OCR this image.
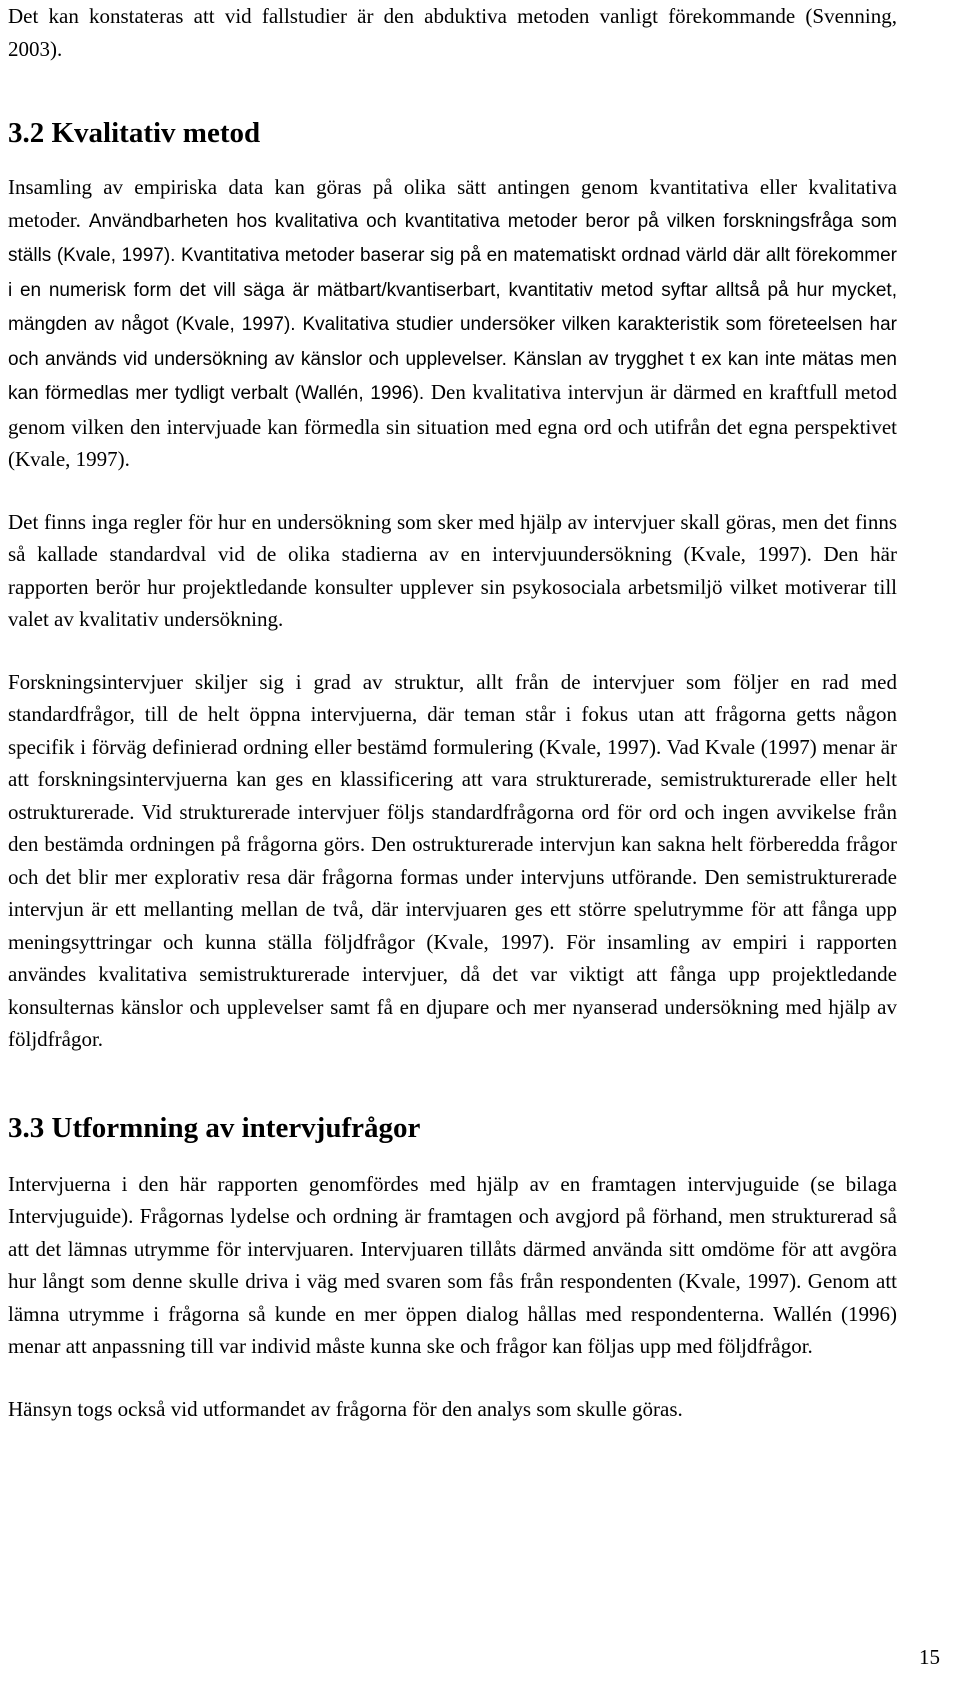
Det kan konstateras att vid fallstudier är den abduktiva metoden vanligt förekommande (Svenning, 2003).

3.2 Kvalitativ metod

Insamling av empiriska data kan göras på olika sätt antingen genom kvantitativa eller kvalitativa metoder. Användbarheten hos kvalitativa och kvantitativa metoder beror på vilken forskningsfråga som ställs (Kvale, 1997). Kvantitativa metoder baserar sig på en matematiskt ordnad värld där allt förekommer i en numerisk form det vill säga är mätbart/kvantiserbart, kvantitativ metod syftar alltså på hur mycket, mängden av något (Kvale, 1997). Kvalitativa studier undersöker vilken karakteristik som företeelsen har och används vid undersökning av känslor och upplevelser. Känslan av trygghet t ex kan inte mätas men kan förmedlas mer tydligt verbalt (Wallén, 1996). Den kvalitativa intervjun är därmed en kraftfull metod genom vilken den intervjuade kan förmedla sin situation med egna ord och utifrån det egna perspektivet (Kvale, 1997).

Det finns inga regler för hur en undersökning som sker med hjälp av intervjuer skall göras, men det finns så kallade standardval vid de olika stadierna av en intervjuundersökning (Kvale, 1997). Den här rapporten berör hur projektledande konsulter upplever sin psykosociala arbetsmiljö vilket motiverar till valet av kvalitativ undersökning.

Forskningsintervjuer skiljer sig i grad av struktur, allt från de intervjuer som följer en rad med standardfrågor, till de helt öppna intervjuerna, där teman står i fokus utan att frågorna getts någon specifik i förväg definierad ordning eller bestämd formulering (Kvale, 1997). Vad Kvale (1997) menar är att forskningsintervjuerna kan ges en klassificering att vara strukturerade, semistrukturerade eller helt ostrukturerade. Vid strukturerade intervjuer följs standardfrågorna ord för ord och ingen avvikelse från den bestämda ordningen på frågorna görs. Den ostrukturerade intervjun kan sakna helt förberedda frågor och det blir mer explorativ resa där frågorna formas under intervjuns utförande. Den semistrukturerade intervjun är ett mellanting mellan de två, där intervjuaren ges ett större spelutrymme för att fånga upp meningsyttringar och kunna ställa följdfrågor (Kvale, 1997). För insamling av empiri i rapporten användes kvalitativa semistrukturerade intervjuer, då det var viktigt att fånga upp projektledande konsulternas känslor och upplevelser samt få en djupare och mer nyanserad undersökning med hjälp av följdfrågor.

3.3 Utformning av intervjufrågor

Intervjuerna i den här rapporten genomfördes med hjälp av en framtagen intervjuguide (se bilaga Intervjuguide). Frågornas lydelse och ordning är framtagen och avgjord på förhand, men strukturerad så att det lämnas utrymme för intervjuaren. Intervjuaren tillåts därmed använda sitt omdöme för att avgöra hur långt som denne skulle driva i väg med svaren som fås från respondenten (Kvale, 1997). Genom att lämna utrymme i frågorna så kunde en mer öppen dialog hållas med respondenterna. Wallén (1996) menar att anpassning till var individ måste kunna ske och frågor kan följas upp med följdfrågor.

Hänsyn togs också vid utformandet av frågorna för den analys som skulle göras.

15
